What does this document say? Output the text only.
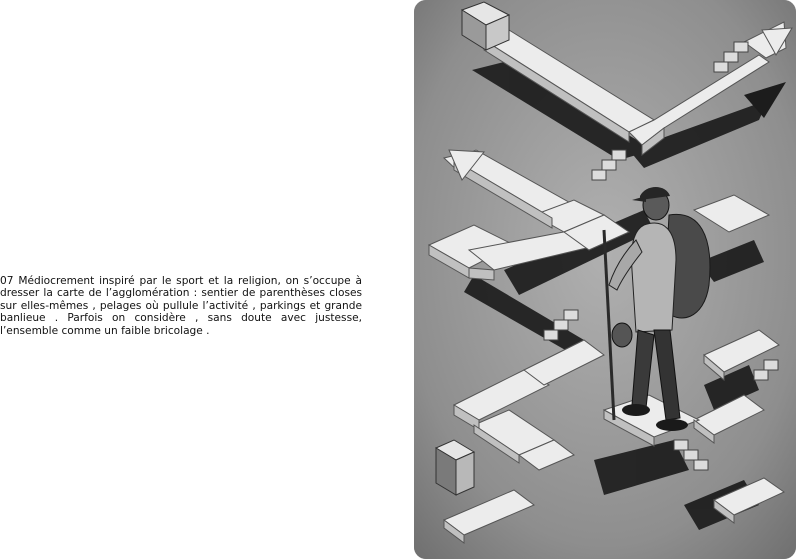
07 Médiocrement inspiré par le sport et la religion, on s’occupe à dresser la carte de l’agglomération : sentier de parenthèses closes sur elles-mêmes , pelages où pullule l’activité , parkings et grande banlieue . Parfois on considère , sans doute avec justesse, l’ensemble comme un faible bricolage .
